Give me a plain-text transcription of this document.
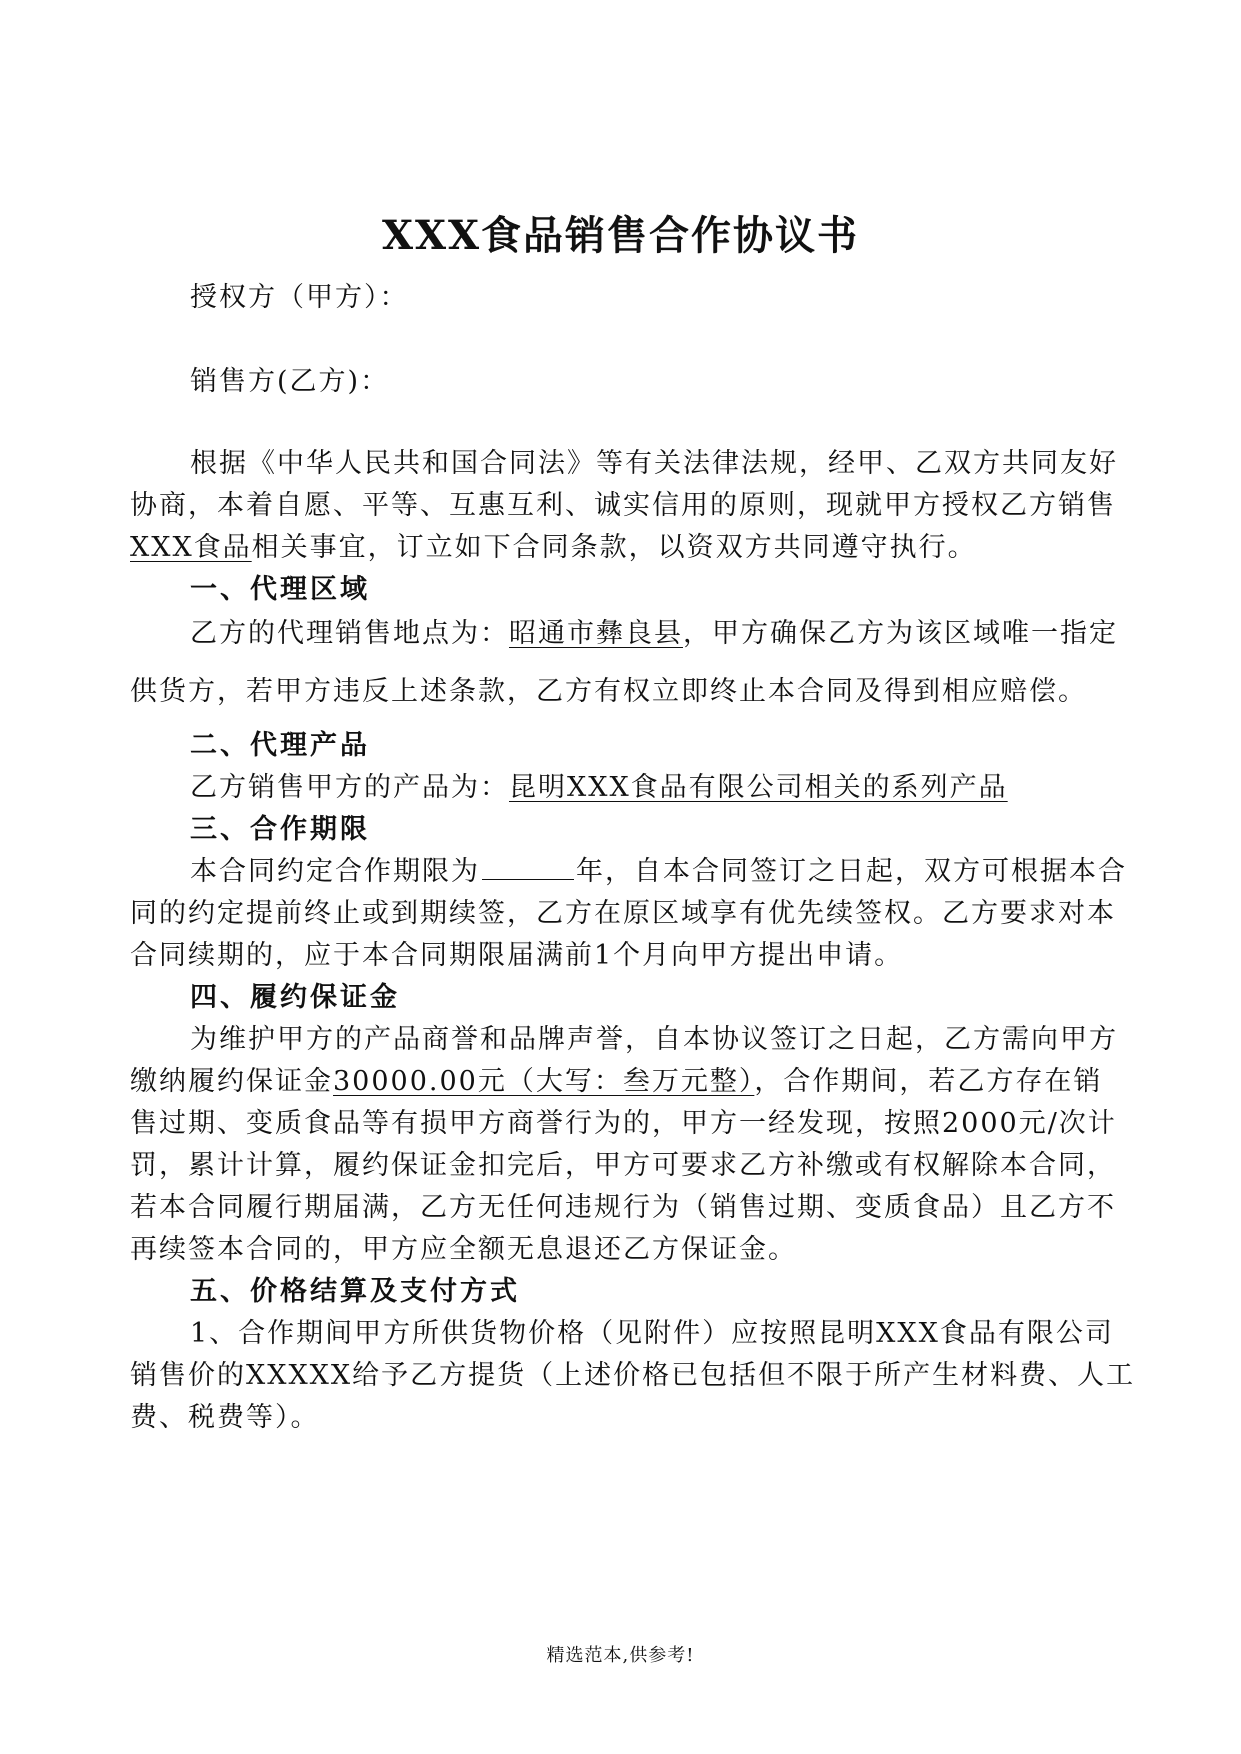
XXX食品销售合作协议书
授权方（甲方）：
销售方(乙方)：
根据《中华人民共和国合同法》等有关法律法规，经甲、乙双方共同友好
协商，本着自愿、平等、互惠互利、诚实信用的原则，现就甲方授权乙方销售
XXX食品相关事宜，订立如下合同条款，以资双方共同遵守执行。
一、代理区域
乙方的代理销售地点为：昭通市彝良县，甲方确保乙方为该区域唯一指定
供货方，若甲方违反上述条款，乙方有权立即终止本合同及得到相应赔偿。
二、代理产品
乙方销售甲方的产品为：昆明XXX食品有限公司相关的系列产品
三、合作期限
本合同约定合作期限为	年，自本合同签订之日起，双方可根据本合
同的约定提前终止或到期续签，乙方在原区域享有优先续签权。乙方要求对本
合同续期的，应于本合同期限届满前1个月向甲方提出申请。
四、履约保证金
为维护甲方的产品商誉和品牌声誉，自本协议签订之日起，乙方需向甲方
缴纳履约保证金30000.00元（大写：叁万元整），合作期间，若乙方存在销
售过期、变质食品等有损甲方商誉行为的，甲方一经发现，按照2000元/次计
罚，累计计算，履约保证金扣完后，甲方可要求乙方补缴或有权解除本合同，
若本合同履行期届满，乙方无任何违规行为（销售过期、变质食品）且乙方不
再续签本合同的，甲方应全额无息退还乙方保证金。
五、价格结算及支付方式
1、合作期间甲方所供货物价格（见附件）应按照昆明XXX食品有限公司
销售价的XXXXX给予乙方提货（上述价格已包括但不限于所产生材料费、人工
费、税费等）。
精选范本,供参考!
